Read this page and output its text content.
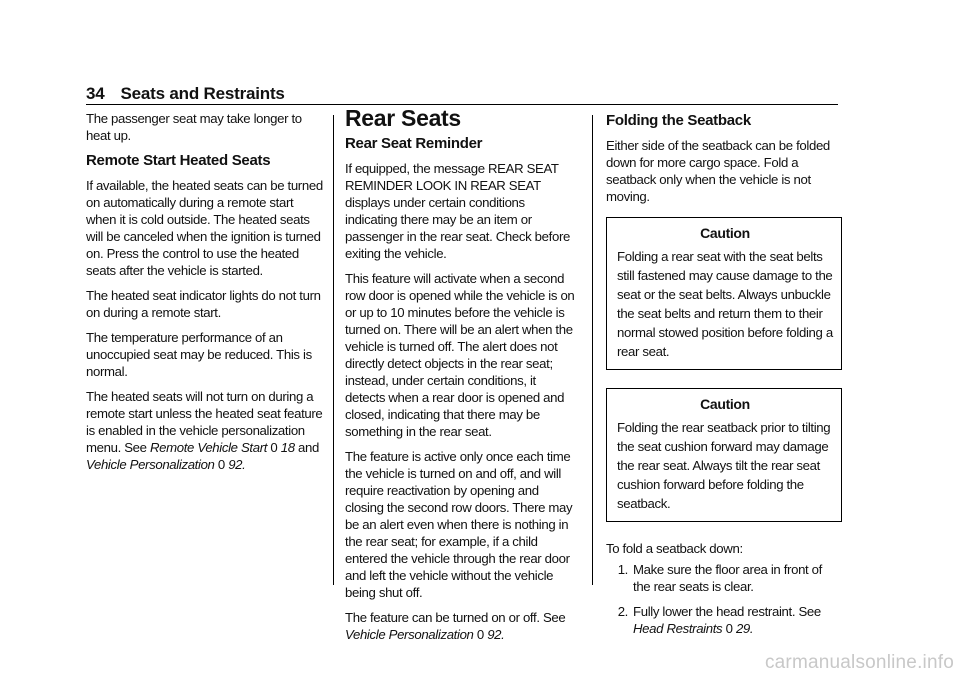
34 Seats and Restraints

The passenger seat may take longer to heat up.

Remote Start Heated Seats

If available, the heated seats can be turned on automatically during a remote start when it is cold outside. The heated seats will be canceled when the ignition is turned on. Press the control to use the heated seats after the vehicle is started.

The heated seat indicator lights do not turn on during a remote start.

The temperature performance of an unoccupied seat may be reduced. This is normal.

The heated seats will not turn on during a remote start unless the heated seat feature is enabled in the vehicle personalization menu. See Remote Vehicle Start 0 18 and Vehicle Personalization 0 92.

Rear Seats
Rear Seat Reminder

If equipped, the message REAR SEAT REMINDER LOOK IN REAR SEAT displays under certain conditions indicating there may be an item or passenger in the rear seat. Check before exiting the vehicle.

This feature will activate when a second row door is opened while the vehicle is on or up to 10 minutes before the vehicle is turned on. There will be an alert when the vehicle is turned off. The alert does not directly detect objects in the rear seat; instead, under certain conditions, it detects when a rear door is opened and closed, indicating that there may be something in the rear seat.

The feature is active only once each time the vehicle is turned on and off, and will require reactivation by opening and closing the second row doors. There may be an alert even when there is nothing in the rear seat; for example, if a child entered the vehicle through the rear door and left the vehicle without the vehicle being shut off.

The feature can be turned on or off. See Vehicle Personalization 0 92.

Folding the Seatback

Either side of the seatback can be folded down for more cargo space. Fold a seatback only when the vehicle is not moving.

Caution

Folding a rear seat with the seat belts still fastened may cause damage to the seat or the seat belts. Always unbuckle the seat belts and return them to their normal stowed position before folding a rear seat.

Caution

Folding the rear seatback prior to tilting the seat cushion forward may damage the rear seat. Always tilt the rear seat cushion forward before folding the seatback.

To fold a seatback down:

1. Make sure the floor area in front of the rear seats is clear.
2. Fully lower the head restraint. See Head Restraints 0 29.
carmanualsonline.info
